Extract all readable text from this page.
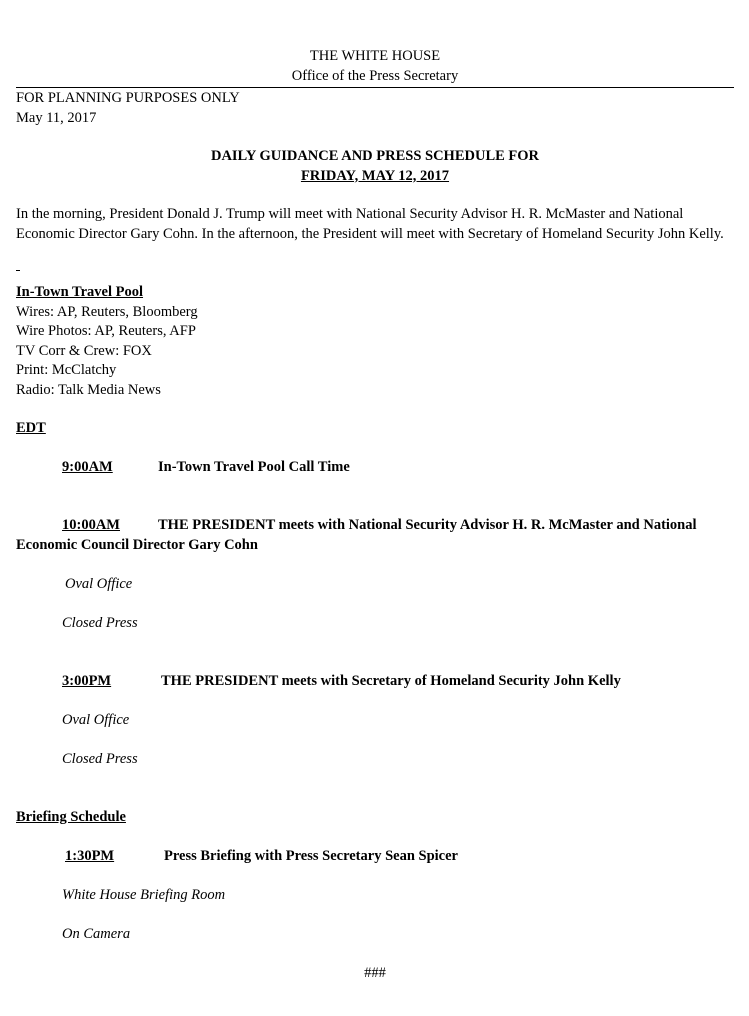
THE WHITE HOUSE
Office of the Press Secretary
FOR PLANNING PURPOSES ONLY
May 11, 2017
DAILY GUIDANCE AND PRESS SCHEDULE FOR
FRIDAY, MAY 12, 2017
In the morning, President Donald J. Trump will meet with National Security Advisor H. R. McMaster and National Economic Director Gary Cohn. In the afternoon, the President will meet with Secretary of Homeland Security John Kelly.
In-Town Travel Pool
Wires: AP, Reuters, Bloomberg
Wire Photos: AP, Reuters, AFP
TV Corr & Crew: FOX
Print: McClatchy
Radio: Talk Media News
EDT
9:00AM	In-Town Travel Pool Call Time
10:00AM	THE PRESIDENT meets with National Security Advisor H. R. McMaster and National
Economic Council Director Gary Cohn
Oval Office
Closed Press
3:00PM	THE PRESIDENT meets with Secretary of Homeland Security John Kelly
Oval Office
Closed Press
Briefing Schedule
1:30PM	Press Briefing with Press Secretary Sean Spicer
White House Briefing Room
On Camera
###
